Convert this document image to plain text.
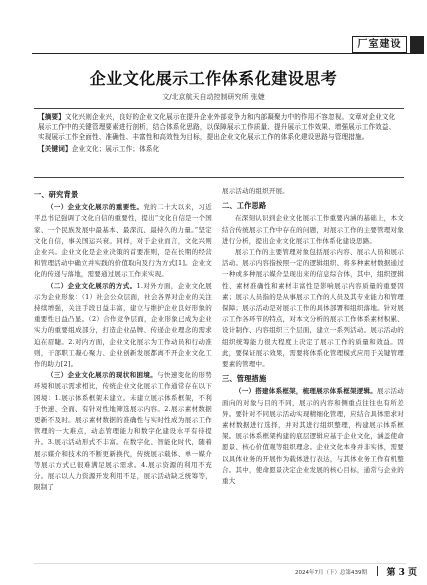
厂室建设
企业文化展示工作体系化建设思考
文/北京航天自动控制研究所 张婕
【摘要】文化兴则企业兴，良好的企业文化展示在提升企业外部竞争力和内部凝聚力中的作用不容忽视。文章对企业文化展示工作中的关键管理要素进行剖析，结合体系化思路，以保障展示工作质量、提升展示工作效果、增强展示工作效益、实现展示工作全面性、准确性、丰富性和高效性为目标，提出企业文化展示工作的体系化建设思路与管理措施。
【关键词】企业文化；展示工作；体系化
一、研究背景

（一）企业文化展示的重要性。党的二十大以来，习近平总书记强调了文化自信的重要性，提出“文化自信是一个国家、一个民族发展中最基本、最深沉、最持久的力量。”坚定文化自信，事关国运兴衰。同样，对于企业而言，文化兴则企业兴。企业文化是企业决策的首要准则，是在长期的经营和管理活动中确立并实践的价值取向及行为方式[1]。企业文化的传递与落地，需要通过展示工作来实现。

（二）企业文化展示的方式。1.对外方面，企业文化展示为企业形象：（1）社会公众层面，社会各界对企业的关注持续增强，关注手段日益丰富，建立与维护企业良好形象的重要性日益凸显。（2）合作竞争层面，企业形象已成为企业实力的重要组成部分，打造企业品牌、传递企业理念的需求迫在眉睫。2.对内方面，企业文化展示为工作动员和行动准则，干部职工凝心聚力、企业创新发展都离不开企业文化工作的助力[2]。

（三）企业文化展示的现状和困境。与快速变化的形势环境和展示需求相比，传统企业文化展示工作通常存在以下困境：1.展示体系框架未建立。未建立展示体系框架，不利于快速、全面、有针对性地筛选展示内容。2.展示素材数据更新不及时。展示素材数据的准确性与实时性成为展示工作管理的一大难点，动态管理能力和数字化建设水平有待提升。3.展示活动形式不丰富。在数字化、智能化时代，随着展示媒介和技术的不断更新换代，传统展示载体、单一媒介等展示方式已很难满足展示需求。4.展示资源的利用不充分。展示以人力资源开发利用不足，展示活动缺乏统筹等，限制了

展示活动的组织开展。

二、工作思路

在深刻认识到企业文化展示工作重要内涵的基础上，本文结合传统展示工作中存在的问题，对展示工作的主要管理对象进行分析，提出企业文化展示工作体系化建设思路。

展示工作的主要管理对象包括展示内容、展示人员和展示活动。展示内容指按照一定的逻辑组织、将多种素材数据通过一种或多种展示媒介呈现出来的信息综合体，其中，组织逻辑性、素材准确性和素材丰富性是影响展示内容质量的重要因素；展示人员指的是从事展示工作的人员及其专业能力和管理保障；展示活动是对展示工作的具体部署和组织落地。针对展示工作各环节的特点，对本文分析的展示工作体系素材积累、设计制作、内容组织三个层面，建立一系列活动。展示活动的组织统筹能力很大程度上决定了展示工作的质量和效益。因此，要保证展示效果，需要将体系化管理模式应用于关键管理要素的管理中。

三、管理措施

（一）搭建体系框架，梳理展示体系框架逻辑。展示活动面向的对象与目的不同，展示的内容和侧重点往往也有所差异。要针对不同展示活动实现精细化管理，应结合具体需求对素材数据进行选择，并对其进行组织整理，构建展示体系框架。展示体系框架构建的底层逻辑应基于企业文化，涵盖使命愿景、核心价值观等组织理念。企业文化本身并非实体，需要以具体业务的开展作为载体进行表达，与其体业务工作有机整合。其中，使命愿景决定企业发展的核心目标，通常与企业的重大

2024年7月（下）总第439期 第 3 页
